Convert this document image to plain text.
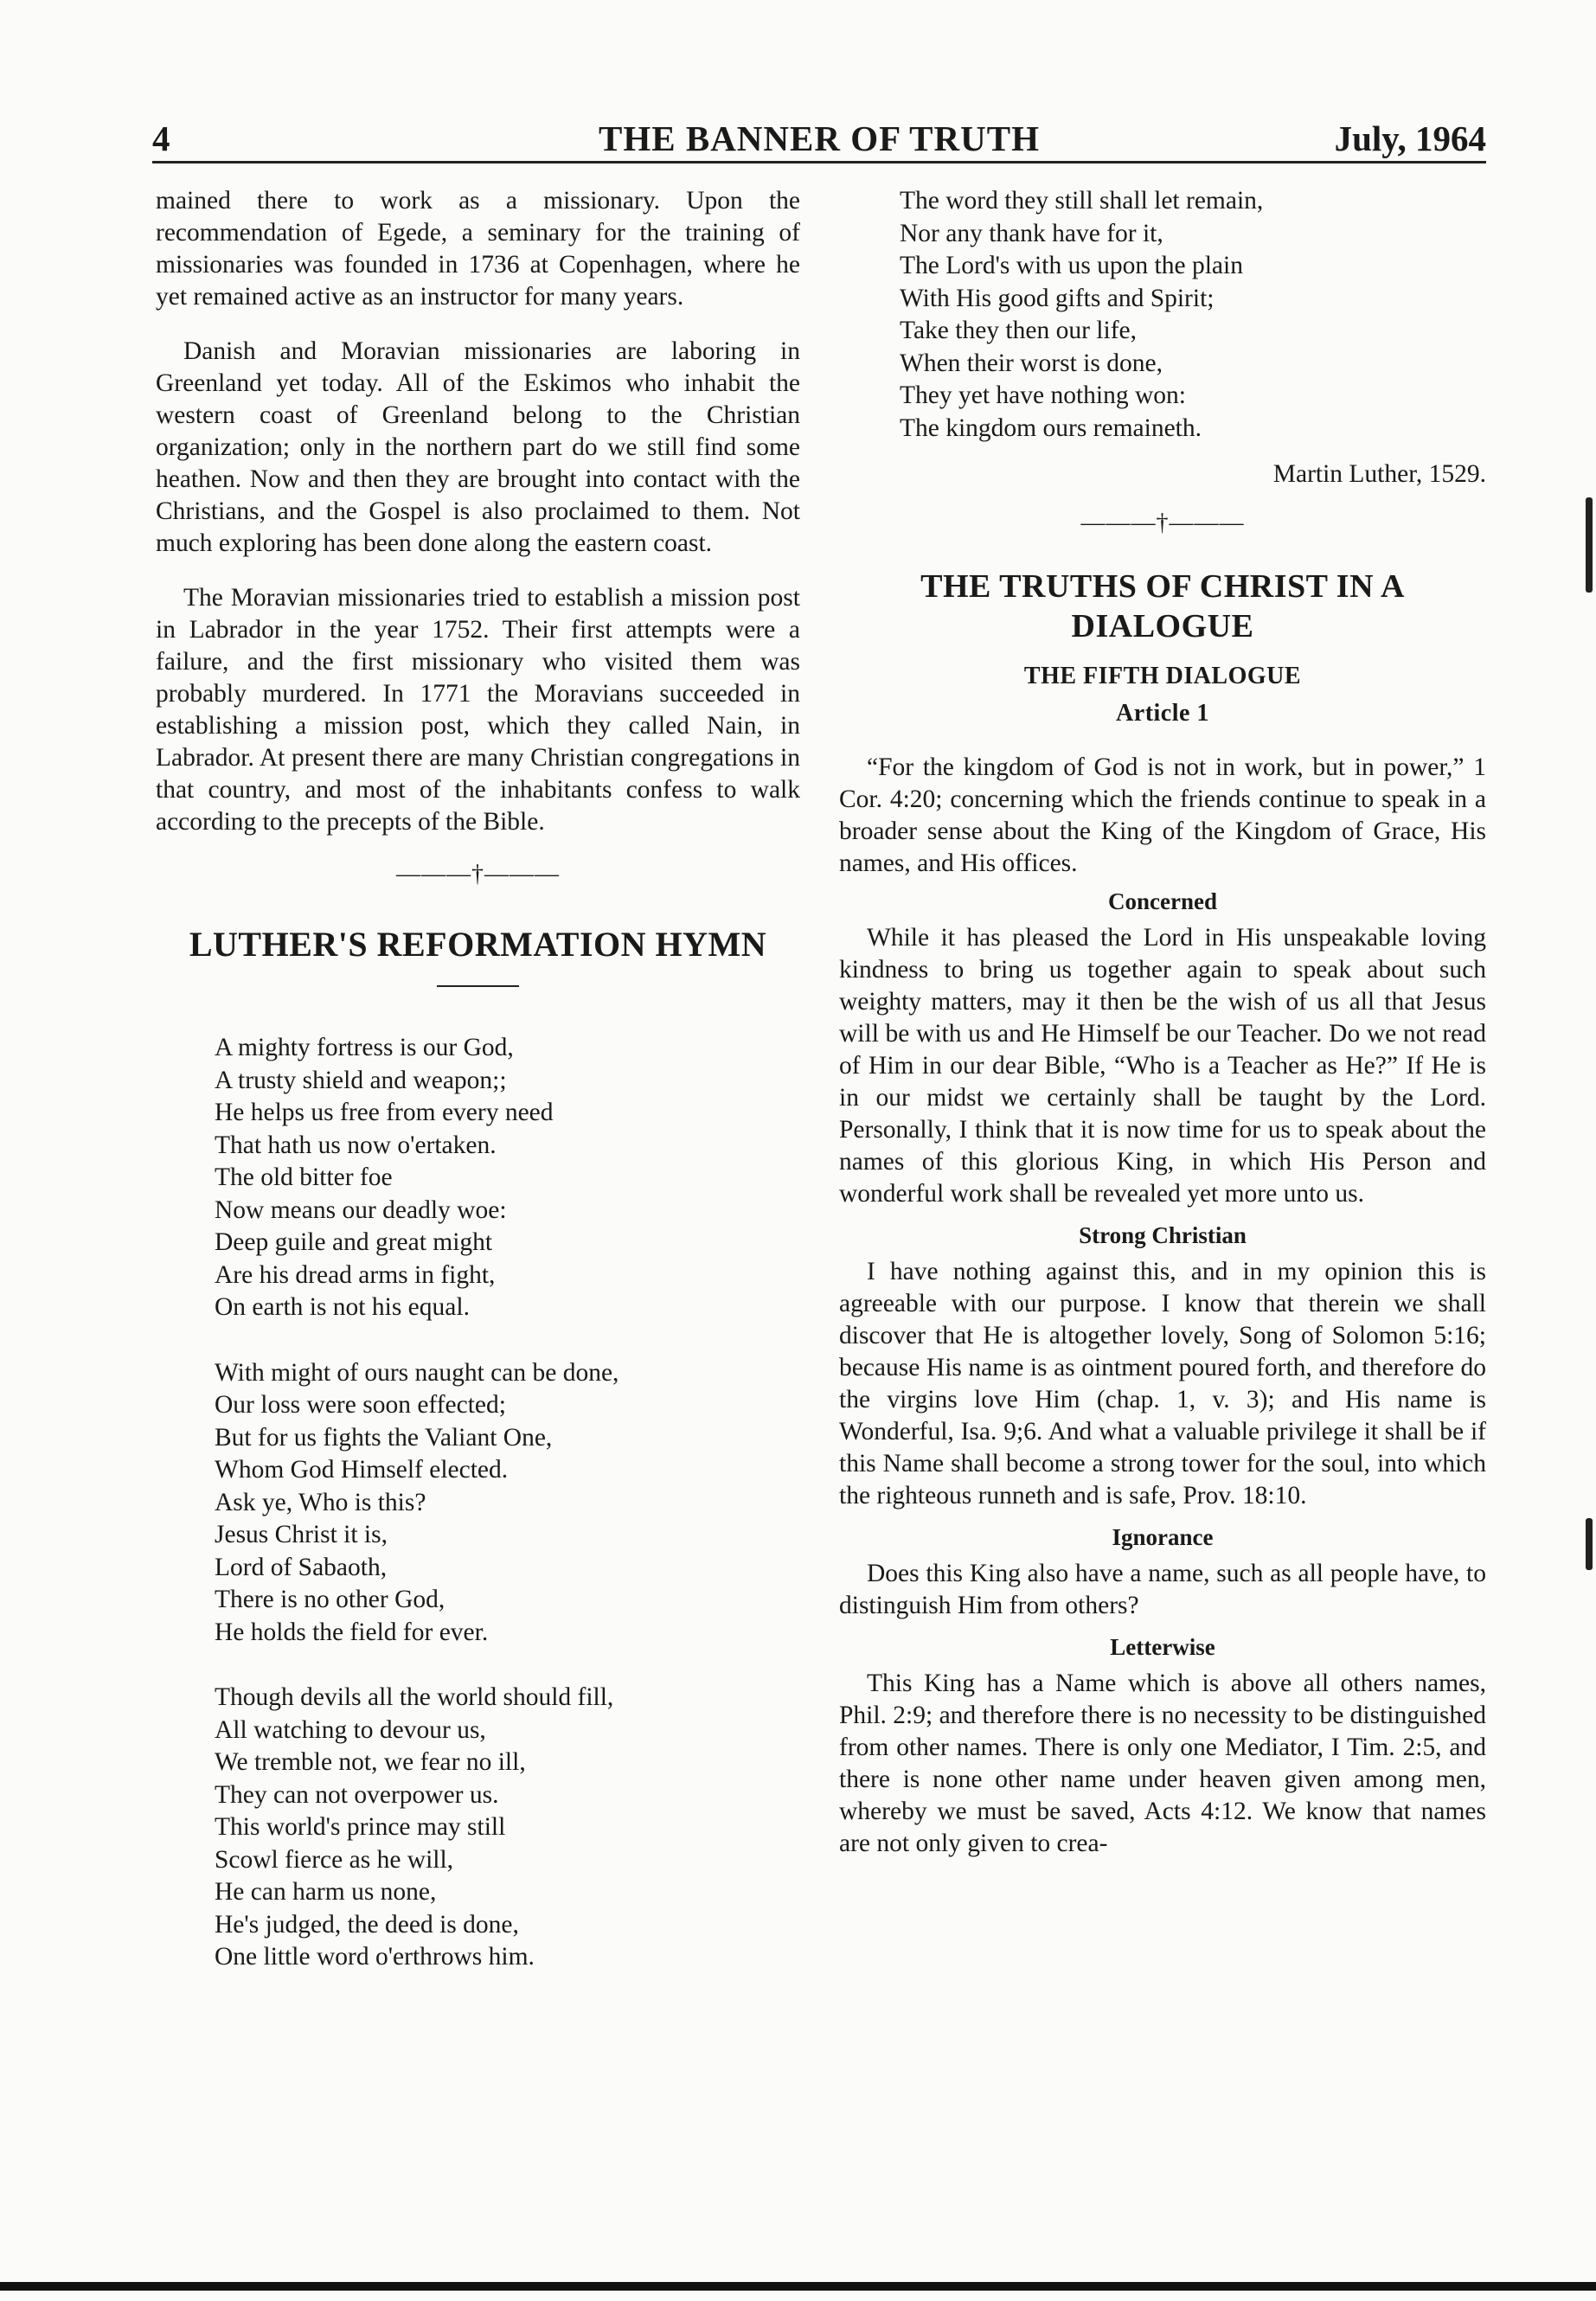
4	THE BANNER OF TRUTH	July, 1964

mained there to work as a missionary. Upon the recommendation of Egede, a seminary for the training of missionaries was founded in 1736 at Copenhagen, where he yet remained active as an instructor for many years.

Danish and Moravian missionaries are laboring in Greenland yet today. All of the Eskimos who inhabit the western coast of Greenland belong to the Christian organization; only in the northern part do we still find some heathen. Now and then they are brought into contact with the Christians, and the Gospel is also proclaimed to them. Not much exploring has been done along the eastern coast.

The Moravian missionaries tried to establish a mission post in Labrador in the year 1752. Their first attempts were a failure, and the first missionary who visited them was probably murdered. In 1771 the Moravians succeeded in establishing a mission post, which they called Nain, in Labrador. At present there are many Christian congregations in that country, and most of the inhabitants confess to walk according to the precepts of the Bible.

———†———
LUTHER'S REFORMATION HYMN
A mighty fortress is our God,
A trusty shield and weapon;;
He helps us free from every need
That hath us now o'ertaken.
The old bitter foe
Now means our deadly woe:
Deep guile and great might
Are his dread arms in fight,
On earth is not his equal.
With might of ours naught can be done,
Our loss were soon effected;
But for us fights the Valiant One,
Whom God Himself elected.
Ask ye, Who is this?
Jesus Christ it is,
Lord of Sabaoth,
There is no other God,
He holds the field for ever.
Though devils all the world should fill,
All watching to devour us,
We tremble not, we fear no ill,
They can not overpower us.
This world's prince may still
Scowl fierce as he will,
He can harm us none,
He's judged, the deed is done,
One little word o'erthrows him.
The word they still shall let remain,
Nor any thank have for it,
The Lord's with us upon the plain
With His good gifts and Spirit;
Take they then our life,
When their worst is done,
They yet have nothing won:
The kingdom ours remaineth.
Martin Luther, 1529.
———†———
THE TRUTHS OF CHRIST IN A DIALOGUE
THE FIFTH DIALOGUE
Article 1

“For the kingdom of God is not in work, but in power,” 1 Cor. 4:20; concerning which the friends continue to speak in a broader sense about the King of the Kingdom of Grace, His names, and His offices.

Concerned

While it has pleased the Lord in His unspeakable loving kindness to bring us together again to speak about such weighty matters, may it then be the wish of us all that Jesus will be with us and He Himself be our Teacher. Do we not read of Him in our dear Bible, “Who is a Teacher as He?” If He is in our midst we certainly shall be taught by the Lord. Personally, I think that it is now time for us to speak about the names of this glorious King, in which His Person and wonderful work shall be revealed yet more unto us.

Strong Christian

I have nothing against this, and in my opinion this is agreeable with our purpose. I know that therein we shall discover that He is altogether lovely, Song of Solomon 5:16; because His name is as ointment poured forth, and therefore do the virgins love Him (chap. 1, v. 3); and His name is Wonderful, Isa. 9;6. And what a valuable privilege it shall be if this Name shall become a strong tower for the soul, into which the righteous runneth and is safe, Prov. 18:10.

Ignorance

Does this King also have a name, such as all people have, to distinguish Him from others?

Letterwise

This King has a Name which is above all others names, Phil. 2:9; and therefore there is no necessity to be distinguished from other names. There is only one Mediator, I Tim. 2:5, and there is none other name under heaven given among men, whereby we must be saved, Acts 4:12. We know that names are not only given to crea-
